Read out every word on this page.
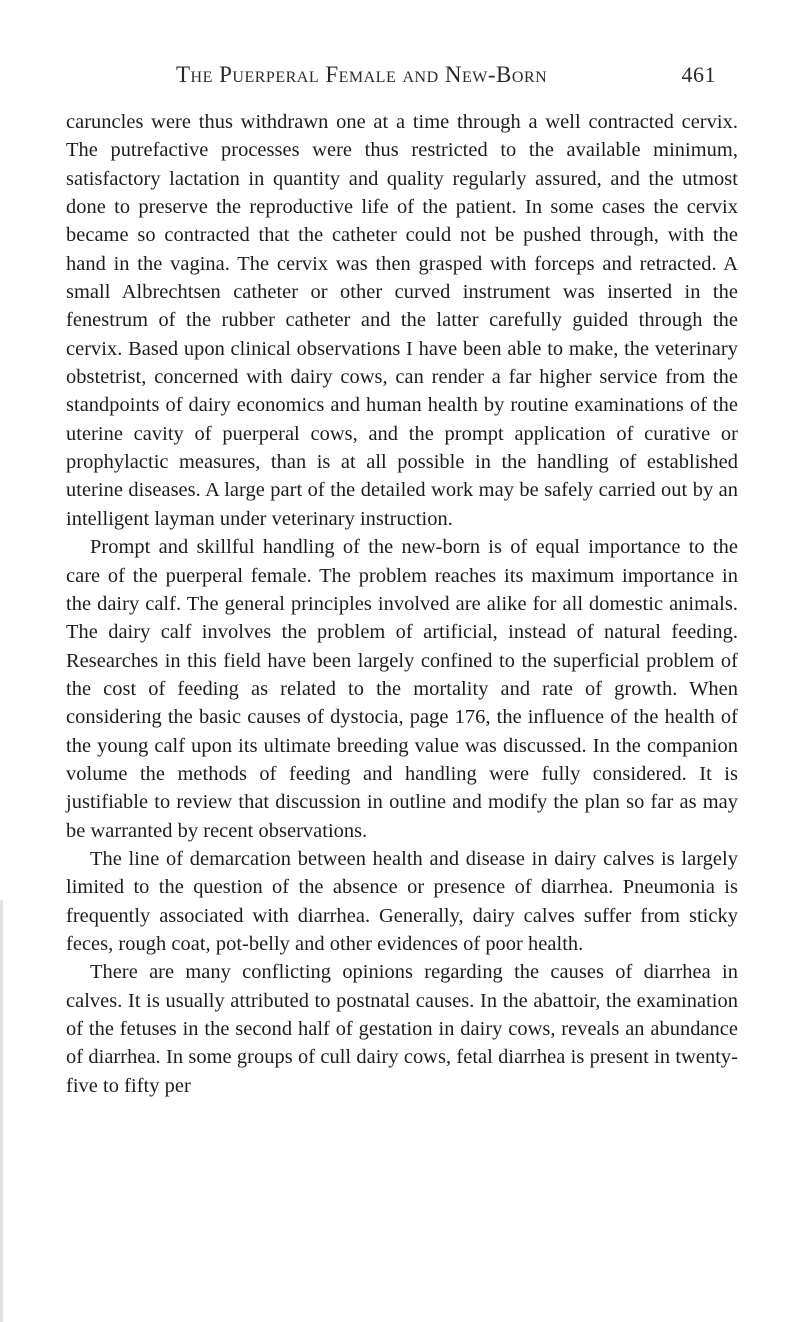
The Puerperal Female and New-Born	461

caruncles were thus withdrawn one at a time through a well contracted cervix. The putrefactive processes were thus restricted to the available minimum, satisfactory lactation in quantity and quality regularly assured, and the utmost done to preserve the reproductive life of the patient. In some cases the cervix became so contracted that the catheter could not be pushed through, with the hand in the vagina. The cervix was then grasped with forceps and retracted. A small Albrechtsen catheter or other curved instrument was inserted in the fenestrum of the rubber catheter and the latter carefully guided through the cervix. Based upon clinical observations I have been able to make, the veterinary obstetrist, concerned with dairy cows, can render a far higher service from the standpoints of dairy economics and human health by routine examinations of the uterine cavity of puerperal cows, and the prompt application of curative or prophylactic measures, than is at all possible in the handling of established uterine diseases. A large part of the detailed work may be safely carried out by an intelligent layman under veterinary instruction.

Prompt and skillful handling of the new-born is of equal importance to the care of the puerperal female. The problem reaches its maximum importance in the dairy calf. The general principles involved are alike for all domestic animals. The dairy calf involves the problem of artificial, instead of natural feeding. Researches in this field have been largely confined to the superficial problem of the cost of feeding as related to the mortality and rate of growth. When considering the basic causes of dystocia, page 176, the influence of the health of the young calf upon its ultimate breeding value was discussed. In the companion volume the methods of feeding and handling were fully considered. It is justifiable to review that discussion in outline and modify the plan so far as may be warranted by recent observations.

The line of demarcation between health and disease in dairy calves is largely limited to the question of the absence or presence of diarrhea. Pneumonia is frequently associated with diarrhea. Generally, dairy calves suffer from sticky feces, rough coat, pot-belly and other evidences of poor health.

There are many conflicting opinions regarding the causes of diarrhea in calves. It is usually attributed to postnatal causes. In the abattoir, the examination of the fetuses in the second half of gestation in dairy cows, reveals an abundance of diarrhea. In some groups of cull dairy cows, fetal diarrhea is present in twenty-five to fifty per
